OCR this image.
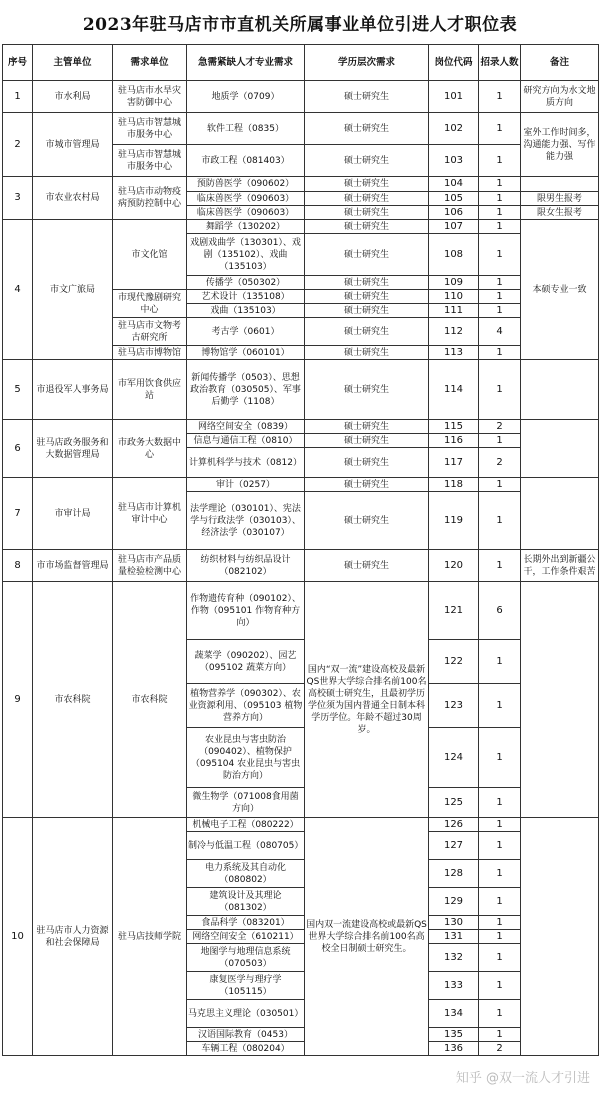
2023年驻马店市市直机关所属事业单位引进人才职位表
序号	主管单位	需求单位	急需紧缺人才专业需求	学历层次需求	岗位代码	招录人数	备注
1	市水利局	驻马店市水旱灾害防御中心	地质学（0709）	硕士研究生	101	1	研究方向为水文地质方向
2	市城市管理局	驻马店市智慧城市服务中心	软件工程（0835）	硕士研究生	102	1	室外工作时间多，沟通能力强、写作能力强
		驻马店市智慧城市服务中心	市政工程（081403）	硕士研究生	103	1	
3	市农业农村局	驻马店市动物疫病预防控制中心	预防兽医学（090602）	硕士研究生	104	1	
			临床兽医学（090603）	硕士研究生	105	1	限男生报考
			临床兽医学（090603）	硕士研究生	106	1	限女生报考
4	市文广旅局	市文化馆	舞蹈学（130202）	硕士研究生	107	1	本硕专业一致
			戏剧戏曲学（130301）、戏剧（135102）、戏曲（135103）	硕士研究生	108	1	
			传播学（050302）	硕士研究生	109	1	
		市现代豫剧研究中心	艺术设计（135108）	硕士研究生	110	1	
			戏曲（135103）	硕士研究生	111	1	
		驻马店市文物考古研究所	考古学（0601）	硕士研究生	112	4	
		驻马店市博物馆	博物馆学（060101）	硕士研究生	113	1	
5	市退役军人事务局	市军用饮食供应站	新闻传播学（0503）、思想政治教育（030505）、军事后勤学（1108）	硕士研究生	114	1	
6	驻马店政务服务和大数据管理局	市政务大数据中心	网络空间安全（0839）	硕士研究生	115	2	
			信息与通信工程（0810）	硕士研究生	116	1	
			计算机科学与技术（0812）	硕士研究生	117	2	
7	市审计局	驻马店市计算机审计中心	审计（0257）	硕士研究生	118	1	
			法学理论（030101）、宪法学与行政法学（030103）、经济法学（030107）	硕士研究生	119	1	
8	市市场监督管理局	驻马店市产品质量检验检测中心	纺织材料与纺织品设计（082102）	硕士研究生	120	1	长期外出到新疆公干，工作条件艰苦
9	市农科院	市农科院	作物遗传育种（090102）、作物（095101 作物育种方向）	国内“双一流”建设高校及最新QS世界大学综合排名前100名高校硕士研究生，且最初学历学位须为国内普通全日制本科学历学位。年龄不超过30周岁。	121	6	
			蔬菜学（090202）、园艺（095102 蔬菜方向）		122	1	
			植物营养学（090302）、农业资源利用、（095103 植物营养方向）		123	1	
			农业昆虫与害虫防治（090402）、植物保护（095104 农业昆虫与害虫防治方向）		124	1	
			微生物学（071008食用菌方向）		125	1	
10	驻马店市人力资源和社会保障局	驻马店技师学院	机械电子工程（080222）	国内双一流建设高校或最新QS世界大学综合排名前100名高校全日制硕士研究生。	126	1	
			制冷与低温工程（080705）		127	1	
			电力系统及其自动化（080802）		128	1	
			建筑设计及其理论（081302）		129	1	
			食品科学（083201）		130	1	
			网络空间安全（610211）		131	1	
			地图学与地理信息系统（070503）		132	1	
			康复医学与理疗学（105115）		133	1	
			马克思主义理论（030501）		134	1	
			汉语国际教育（0453）		135	1	
			车辆工程（080204）		136	2	
知乎 @双一流人才引进
